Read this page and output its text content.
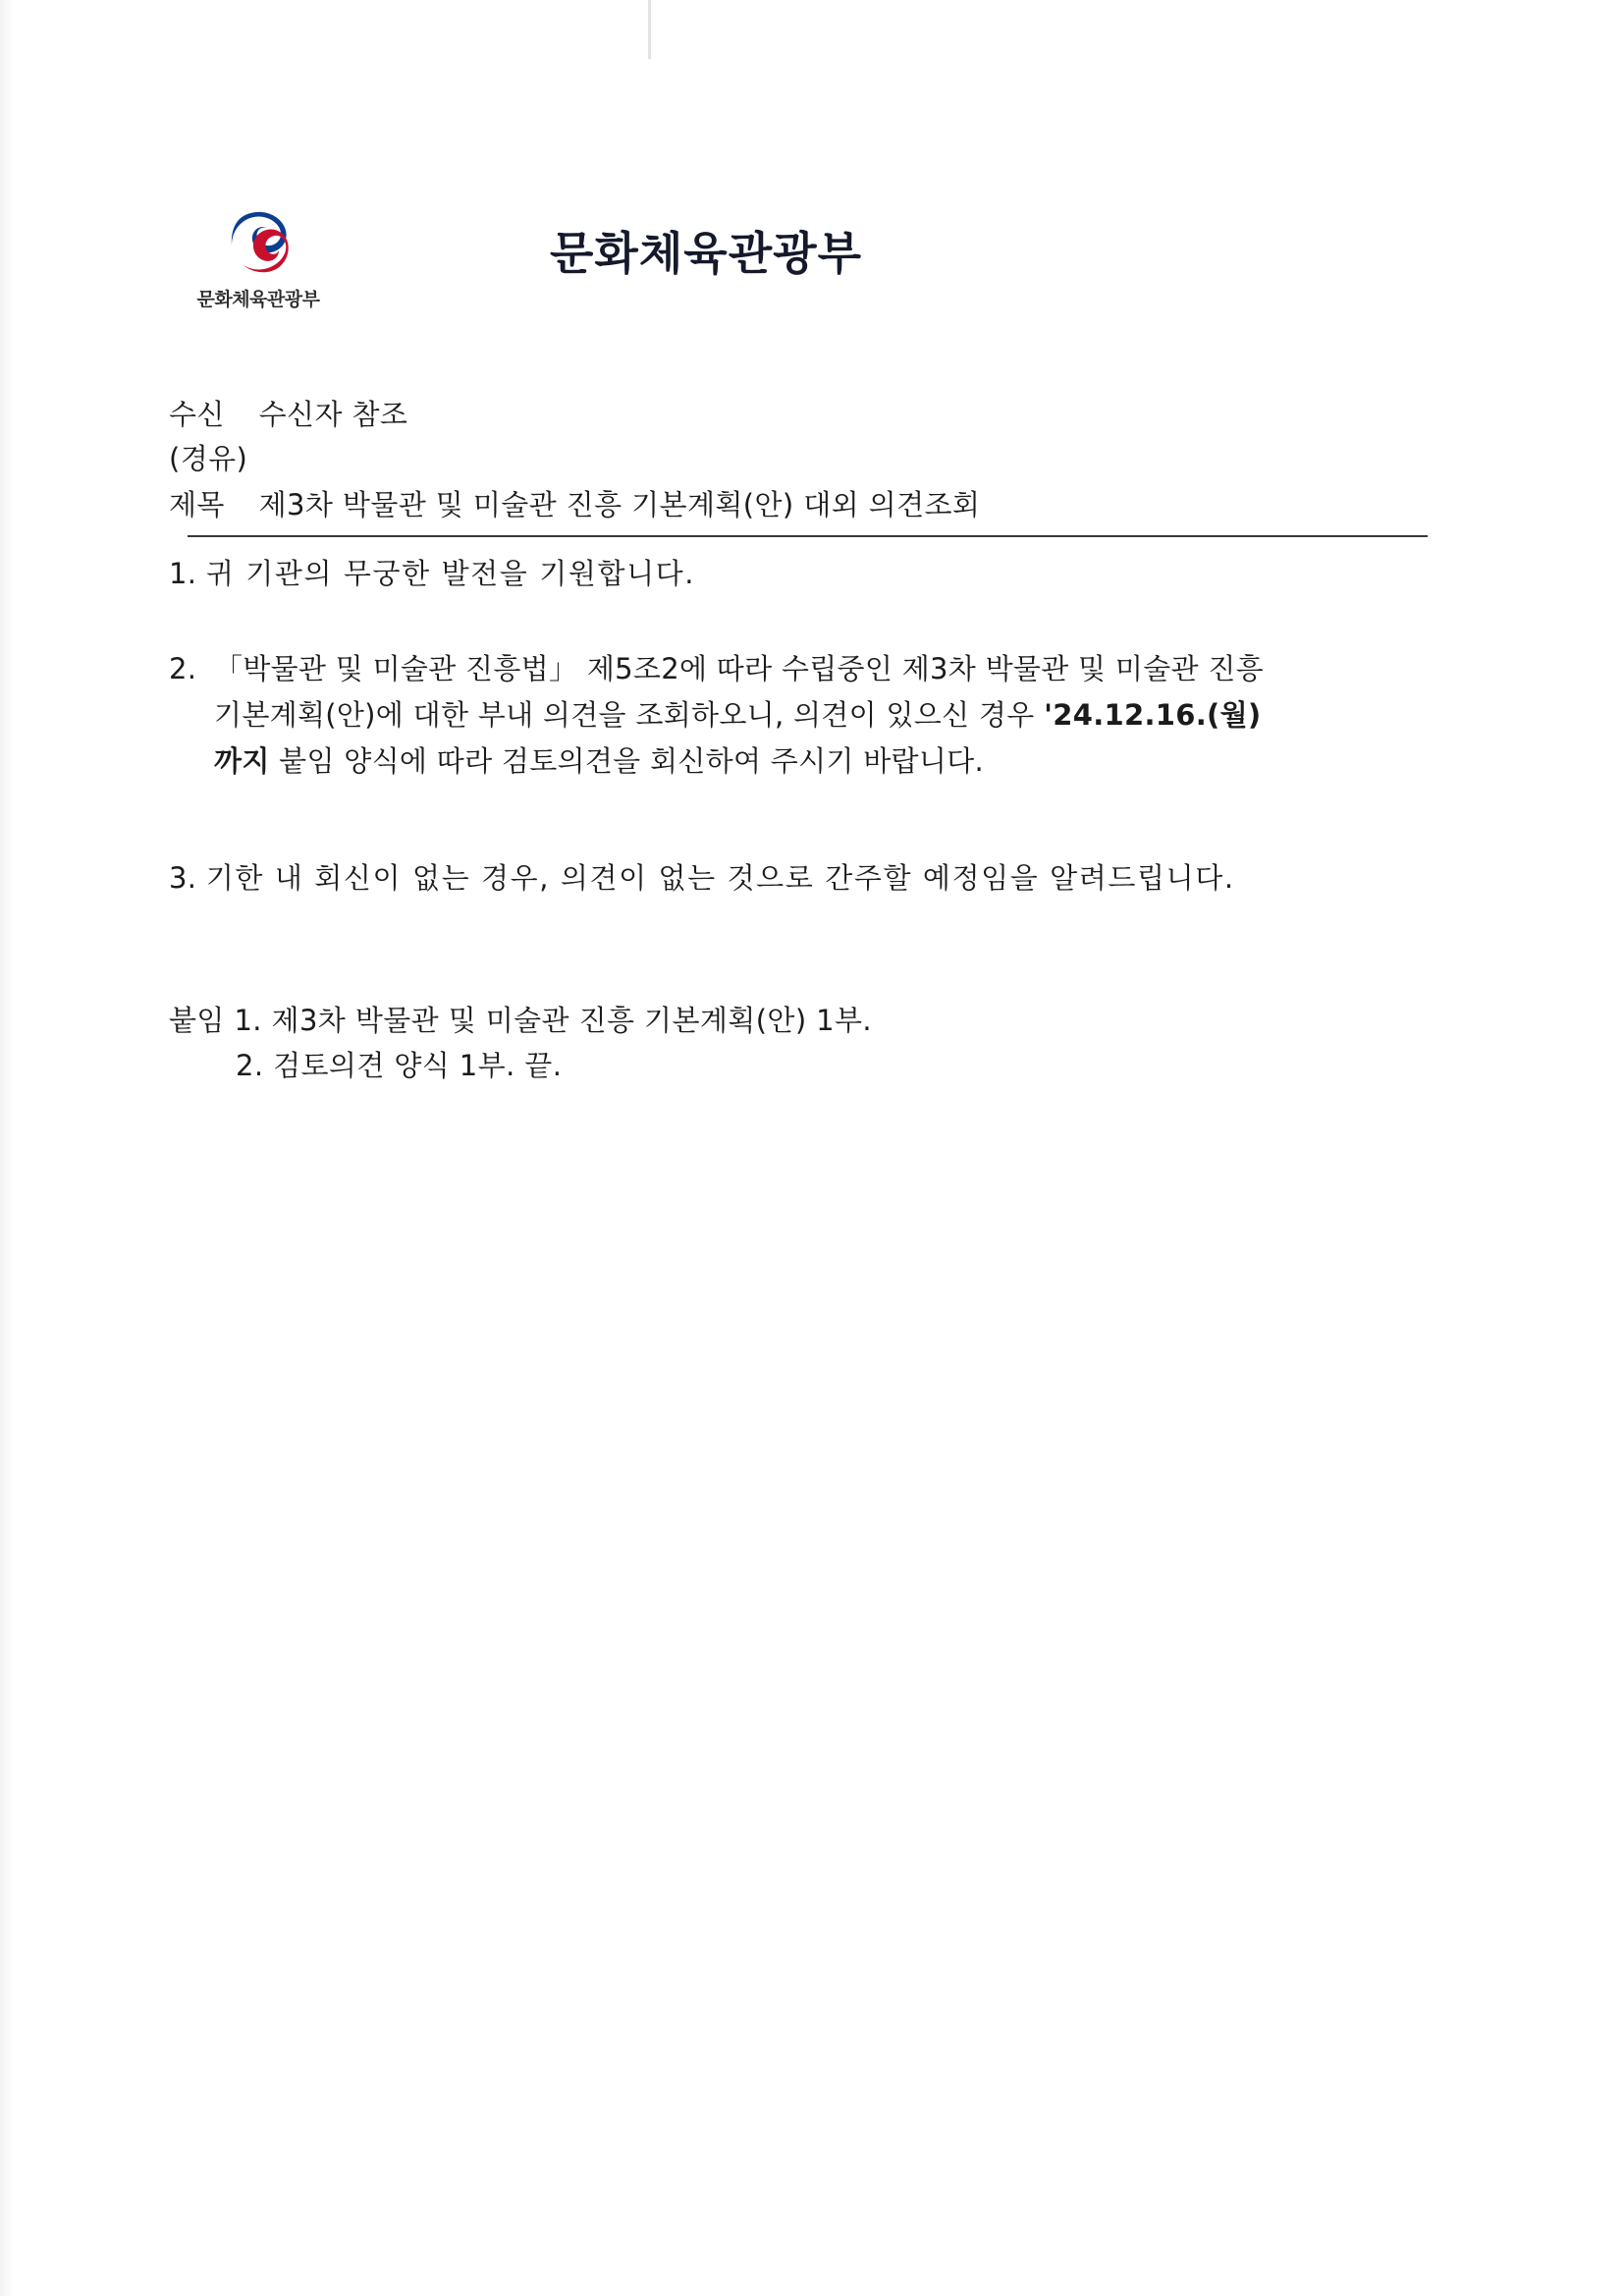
문화체육관광부
문화체육관광부
수신 수신자 참조
(경유)
제목 제3차 박물관 및 미술관 진흥 기본계획(안) 대외 의견조회
1. 귀 기관의 무궁한 발전을 기원합니다.
2. 「박물관 및 미술관 진흥법」 제5조2에 따라 수립중인 제3차 박물관 및 미술관 진흥
기본계획(안)에 대한 부내 의견을 조회하오니, 의견이 있으신 경우 '24.12.16.(월)
까지 붙임 양식에 따라 검토의견을 회신하여 주시기 바랍니다.
3. 기한 내 회신이 없는 경우, 의견이 없는 것으로 간주할 예정임을 알려드립니다.
붙임 1. 제3차 박물관 및 미술관 진흥 기본계획(안) 1부.
2. 검토의견 양식 1부. 끝.
